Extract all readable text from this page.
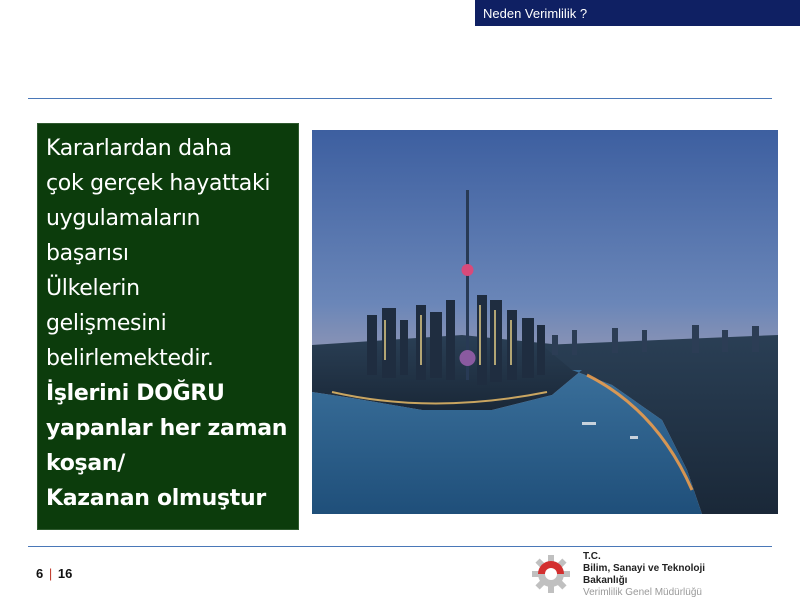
Neden Verimlilik ?

Kararlardan daha

çok gerçek hayattaki

uygulamaların

başarısı

Ülkelerin

gelişmesini

belirlemektedir.

İşlerini DOĞRU

yapanlar her zaman

koşan/

Kazanan olmuştur

6 | 16
T.C.
Bilim, Sanayi ve Teknoloji
Bakanlığı
Verimlilik Genel Müdürlüğü
